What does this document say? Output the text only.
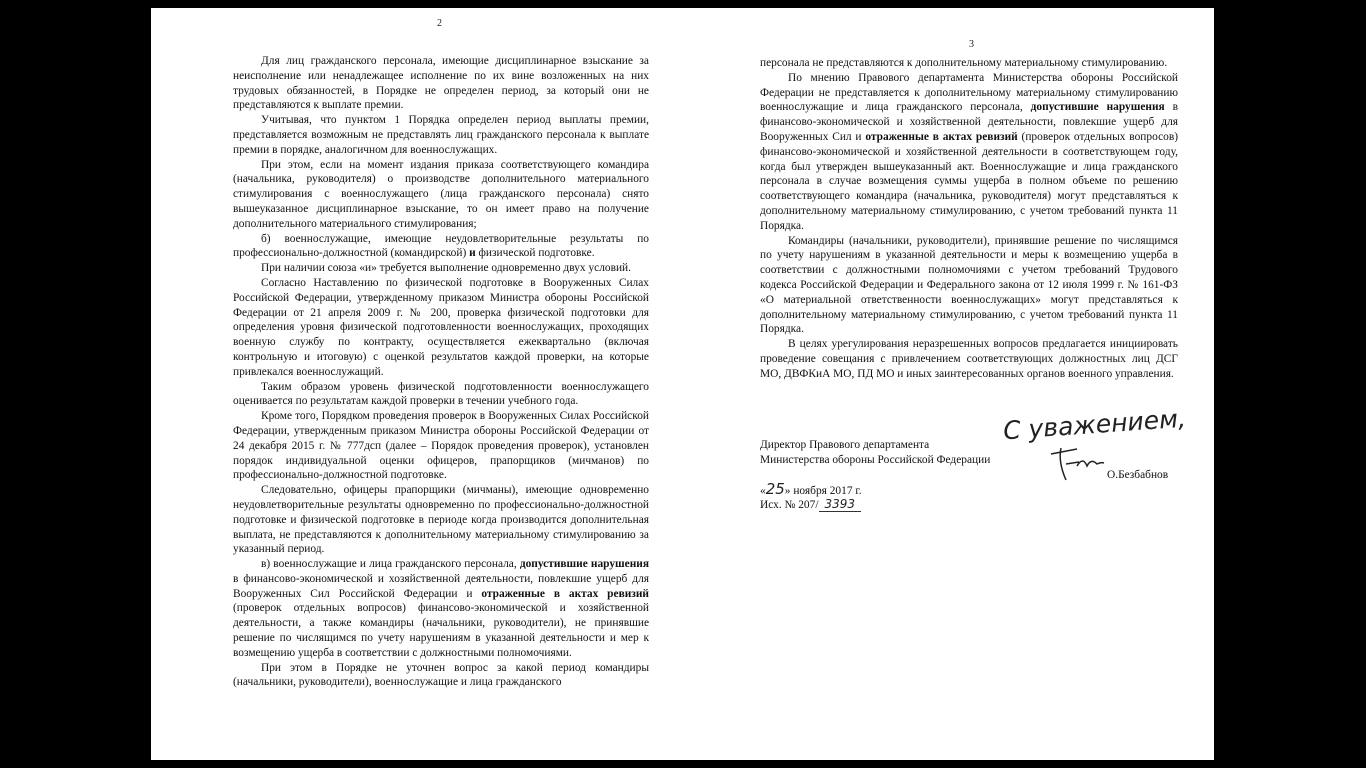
2

Для лиц гражданского персонала, имеющие дисциплинарное взыскание за неисполнение или ненадлежащее исполнение по их вине возложенных на них трудовых обязанностей, в Порядке не определен период, за который они не представляются к выплате премии.

Учитывая, что пунктом 1 Порядка определен период выплаты премии, представляется возможным не представлять лиц гражданского персонала к выплате премии в порядке, аналогичном для военнослужащих.

При этом, если на момент издания приказа соответствующего командира (начальника, руководителя) о производстве дополнительного материального стимулирования с военнослужащего (лица гражданского персонала) снято вышеуказанное дисциплинарное взыскание, то он имеет право на получение дополнительного материального стимулирования;

б) военнослужащие, имеющие неудовлетворительные результаты по профессионально-должностной (командирской) и физической подготовке.

При наличии союза «и» требуется выполнение одновременно двух условий.

Согласно Наставлению по физической подготовке в Вооруженных Силах Российской Федерации, утвержденному приказом Министра обороны Российской Федерации от 21 апреля 2009 г. № 200, проверка физической подготовки для определения уровня физической подготовленности военнослужащих, проходящих военную службу по контракту, осуществляется ежеквартально (включая контрольную и итоговую) с оценкой результатов каждой проверки, на которые привлекался военнослужащий.

Таким образом уровень физической подготовленности военнослужащего оценивается по результатам каждой проверки в течении учебного года.

Кроме того, Порядком проведения проверок в Вооруженных Силах Российской Федерации, утвержденным приказом Министра обороны Российской Федерации от 24 декабря 2015 г. № 777дсп (далее – Порядок проведения проверок), установлен порядок индивидуальной оценки офицеров, прапорщиков (мичманов) по профессионально-должностной подготовке.

Следовательно, офицеры прапорщики (мичманы), имеющие одновременно неудовлетворительные результаты одновременно по профессионально-должностной подготовке и физической подготовке в периоде когда производится дополнительная выплата, не представляются к дополнительному материальному стимулированию за указанный период.

в) военнослужащие и лица гражданского персонала, допустившие нарушения в финансово-экономической и хозяйственной деятельности, повлекшие ущерб для Вооруженных Сил Российской Федерации и отраженные в актах ревизий (проверок отдельных вопросов) финансово-экономической и хозяйственной деятельности, а также командиры (начальники, руководители), не принявшие решение по числящимся по учету нарушениям в указанной деятельности и мер к возмещению ущерба в соответствии с должностными полномочиями.

При этом в Порядке не уточнен вопрос за какой период командиры (начальники, руководители), военнослужащие и лица гражданского

3

персонала не представляются к дополнительному материальному стимулированию.

По мнению Правового департамента Министерства обороны Российской Федерации не представляется к дополнительному материальному стимулированию военнослужащие и лица гражданского персонала, допустившие нарушения в финансово-экономической и хозяйственной деятельности, повлекшие ущерб для Вооруженных Сил и отраженные в актах ревизий (проверок отдельных вопросов) финансово-экономической и хозяйственной деятельности в соответствующем году, когда был утвержден вышеуказанный акт. Военнослужащие и лица гражданского персонала в случае возмещения суммы ущерба в полном объеме по решению соответствующего командира (начальника, руководителя) могут представляться к дополнительному материальному стимулированию, с учетом требований пункта 11 Порядка.

Командиры (начальники, руководители), принявшие решение по числящимся по учету нарушениям в указанной деятельности и меры к возмещению ущерба в соответствии с должностными полномочиями с учетом требований Трудового кодекса Российской Федерации и Федерального закона от 12 июля 1999 г. № 161-ФЗ «О материальной ответственности военнослужащих» могут представляться к дополнительному материальному стимулированию, с учетом требований пункта 11 Порядка.

В целях урегулирования неразрешенных вопросов предлагается инициировать проведение совещания с привлечением соответствующих должностных лиц ДСГ МО, ДВФКиА МО, ПД МО и иных заинтересованных органов военного управления.

С уважением,
Директор Правового департамента
Министерства обороны Российской Федерации
О.Безбабнов
«25» ноября 2017 г.
Исх. № 207/ 3393
